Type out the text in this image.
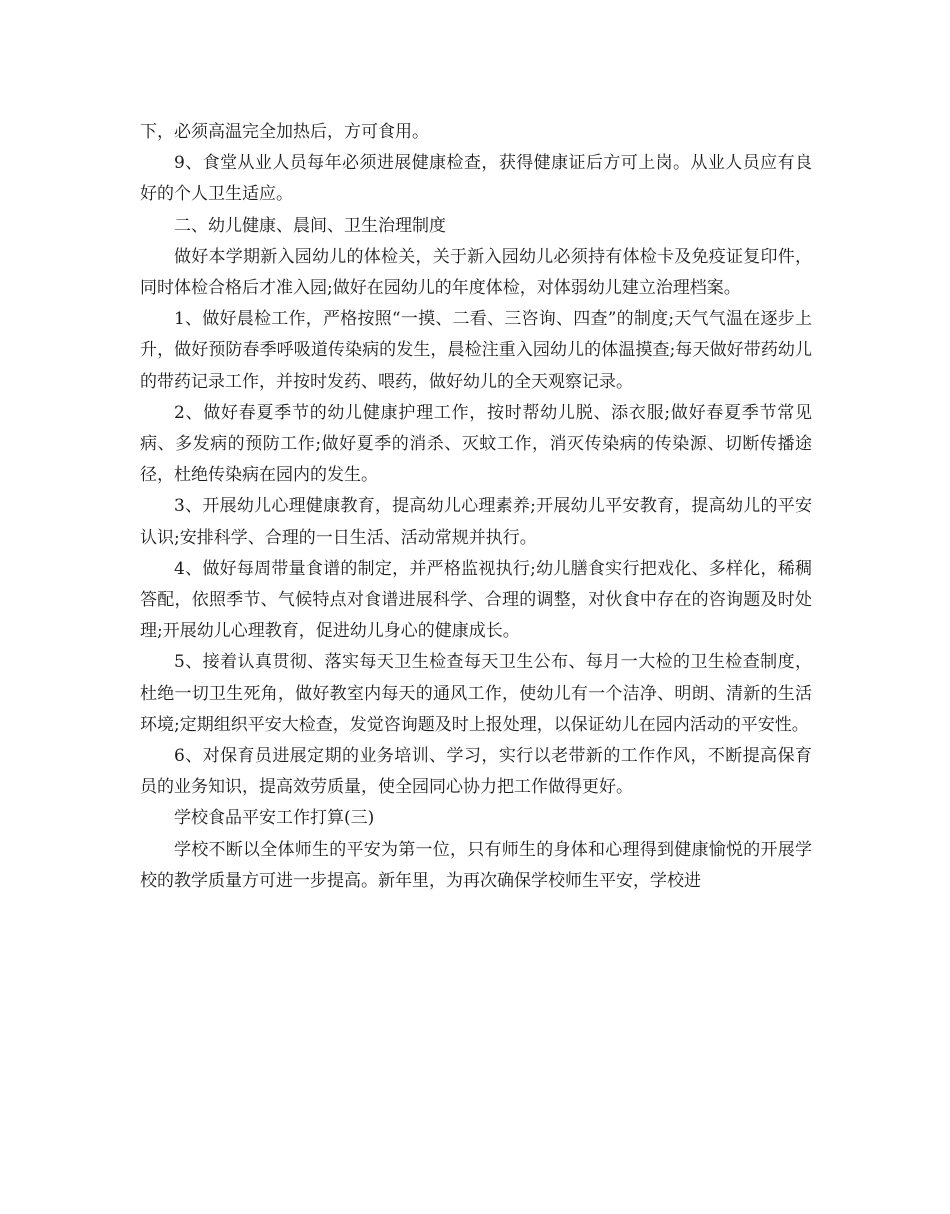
下，必须高温完全加热后，方可食用。

9、食堂从业人员每年必须进展健康检查，获得健康证后方可上岗。从业人员应有良好的个人卫生适应。

二、幼儿健康、晨间、卫生治理制度

做好本学期新入园幼儿的体检关，关于新入园幼儿必须持有体检卡及免疫证复印件，同时体检合格后才准入园;做好在园幼儿的年度体检，对体弱幼儿建立治理档案。

1、做好晨检工作，严格按照“一摸、二看、三咨询、四查”的制度;天气气温在逐步上升，做好预防春季呼吸道传染病的发生，晨检注重入园幼儿的体温摸查;每天做好带药幼儿的带药记录工作，并按时发药、喂药，做好幼儿的全天观察记录。

2、做好春夏季节的幼儿健康护理工作，按时帮幼儿脱、添衣服;做好春夏季节常见病、多发病的预防工作;做好夏季的消杀、灭蚊工作，消灭传染病的传染源、切断传播途径，杜绝传染病在园内的发生。

3、开展幼儿心理健康教育，提高幼儿心理素养;开展幼儿平安教育，提高幼儿的平安认识;安排科学、合理的一日生活、活动常规并执行。

4、做好每周带量食谱的制定，并严格监视执行;幼儿膳食实行把戏化、多样化，稀稠答配，依照季节、气候特点对食谱进展科学、合理的调整，对伙食中存在的咨询题及时处理;开展幼儿心理教育，促进幼儿身心的健康成长。

5、接着认真贯彻、落实每天卫生检查每天卫生公布、每月一大检的卫生检查制度，杜绝一切卫生死角，做好教室内每天的通风工作，使幼儿有一个洁净、明朗、清新的生活环境;定期组织平安大检查，发觉咨询题及时上报处理，以保证幼儿在园内活动的平安性。

6、对保育员进展定期的业务培训、学习，实行以老带新的工作作风，不断提高保育员的业务知识，提高效劳质量，使全园同心协力把工作做得更好。

学校食品平安工作打算(三)

学校不断以全体师生的平安为第一位，只有师生的身体和心理得到健康愉悦的开展学校的教学质量方可进一步提高。新年里，为再次确保学校师生平安，学校进
